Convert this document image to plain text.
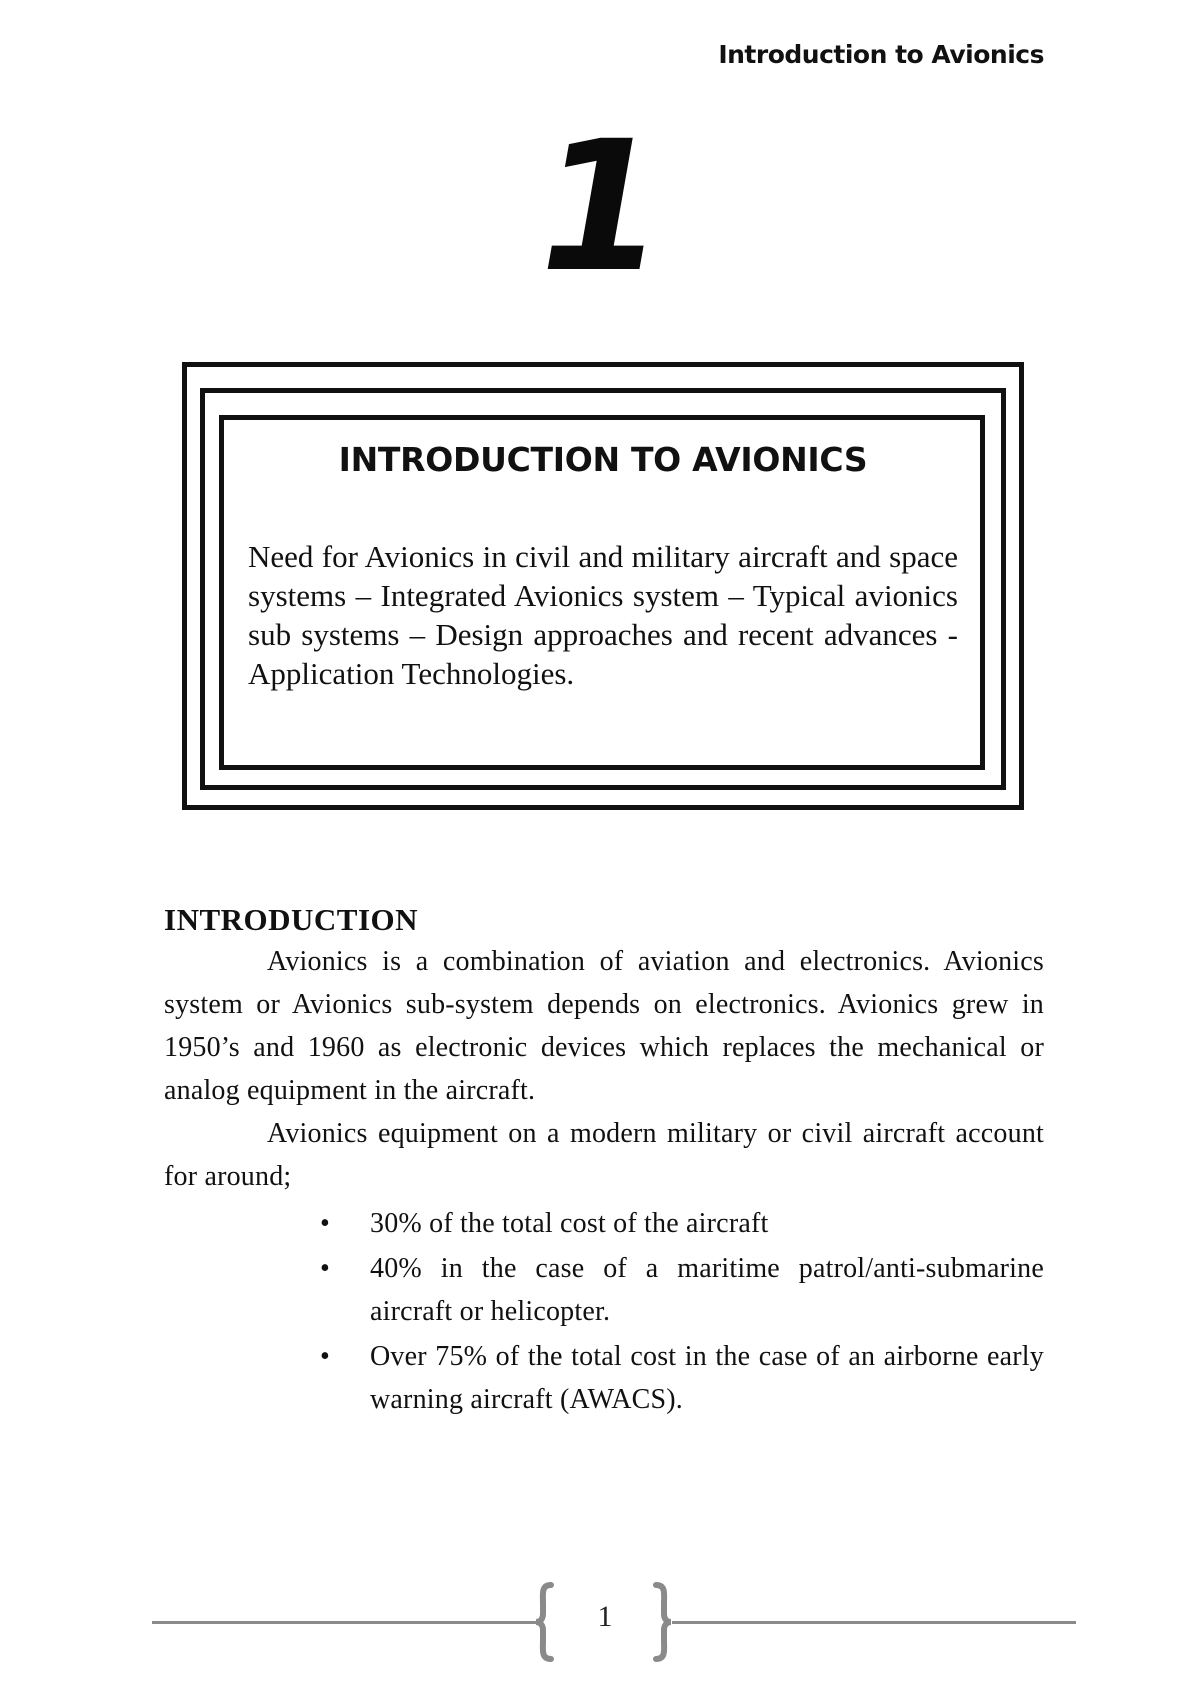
Introduction to Avionics
1
INTRODUCTION TO AVIONICS

Need for Avionics in civil and military aircraft and space systems – Integrated Avionics system – Typical avionics sub systems – Design approaches and recent advances - Application Technologies.

INTRODUCTION

Avionics is a combination of aviation and electronics. Avionics system or Avionics sub-system depends on electronics. Avionics grew in 1950’s and 1960 as electronic devices which replaces the mechanical or analog equipment in the aircraft.

Avionics equipment on a modern military or civil aircraft account for around;

• 30% of the total cost of the aircraft
• 40% in the case of a maritime patrol/anti-submarine aircraft or helicopter.
• Over 75% of the total cost in the case of an airborne early warning aircraft (AWACS).
1
